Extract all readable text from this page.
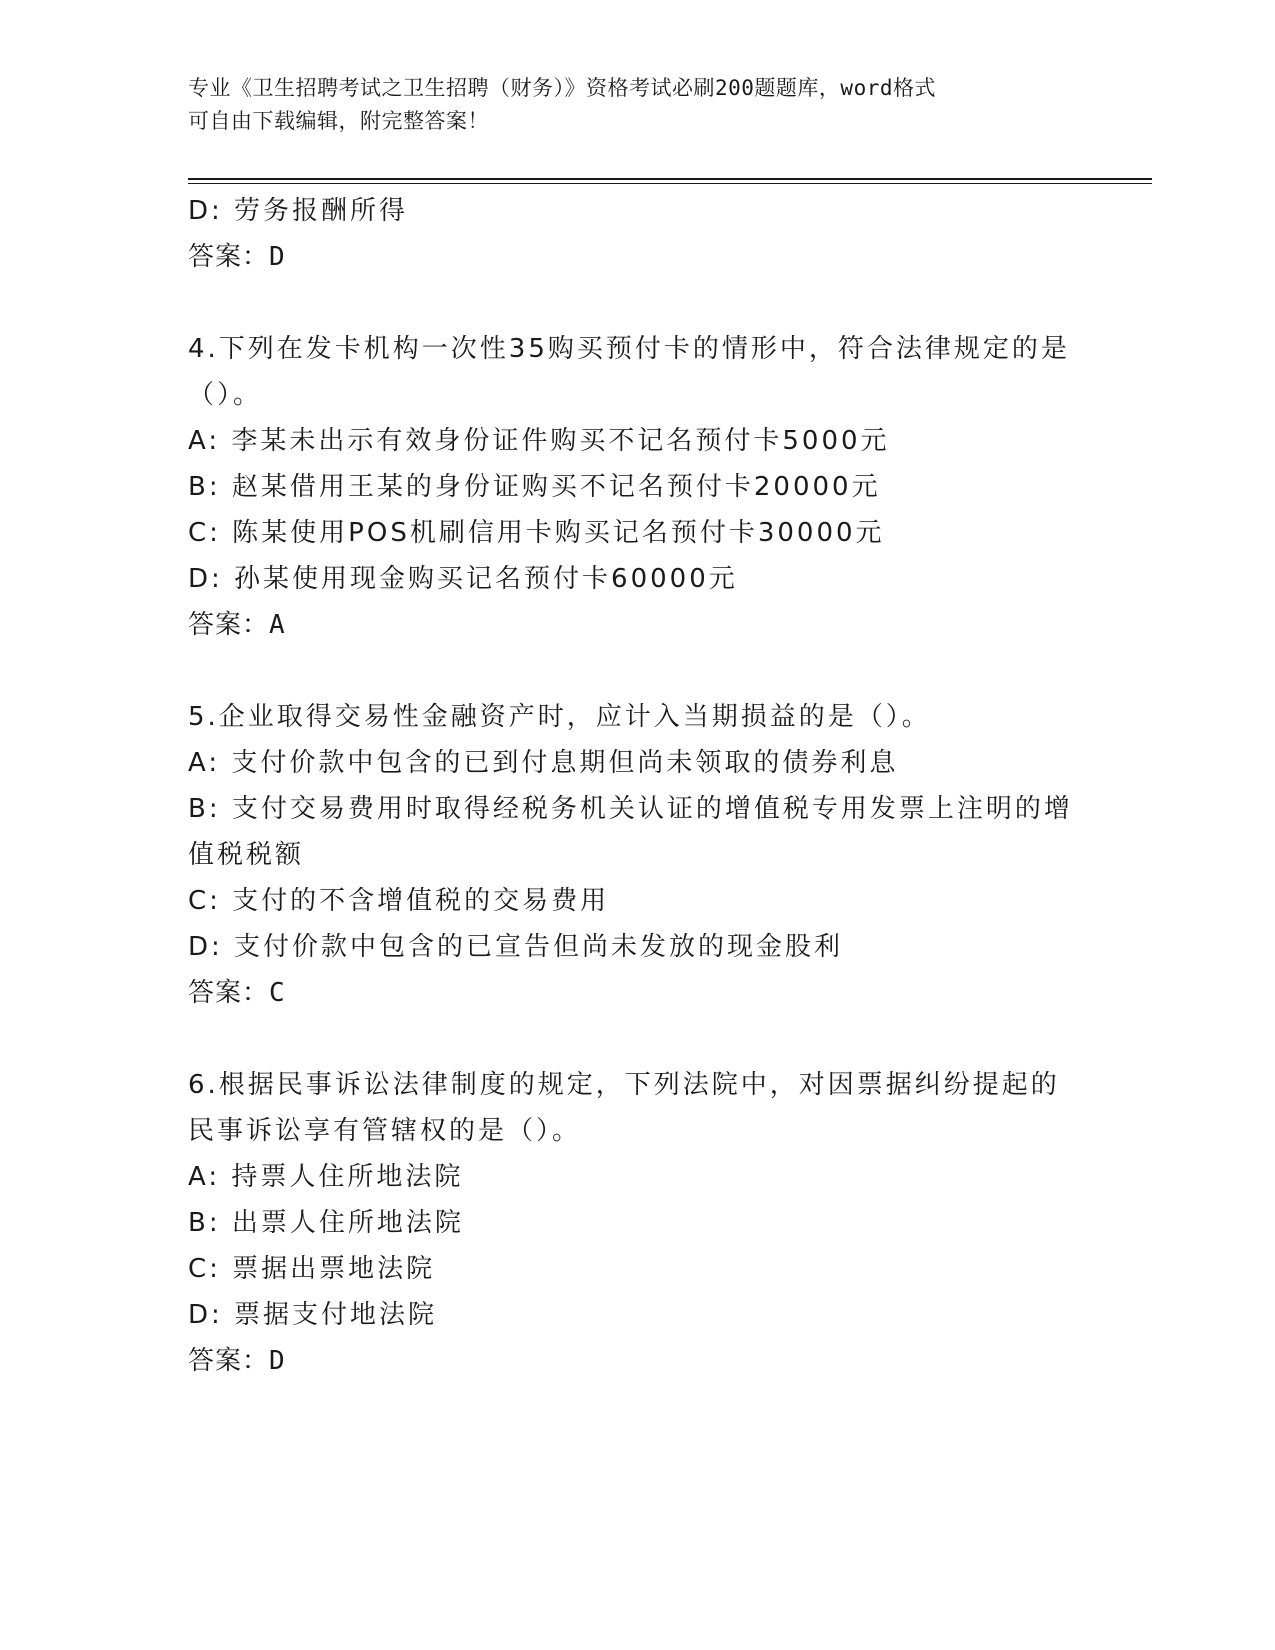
专业《卫生招聘考试之卫生招聘（财务）》资格考试必刷200题题库，word格式
可自由下载编辑，附完整答案！
D: 劳务报酬所得
答案：D
4.下列在发卡机构一次性35购买预付卡的情形中，符合法律规定的是
（）。
A: 李某未出示有效身份证件购买不记名预付卡5000元
B: 赵某借用王某的身份证购买不记名预付卡20000元
C: 陈某使用POS机刷信用卡购买记名预付卡30000元
D: 孙某使用现金购买记名预付卡60000元
答案：A
5.企业取得交易性金融资产时，应计入当期损益的是（）。
A: 支付价款中包含的已到付息期但尚未领取的债券利息
B: 支付交易费用时取得经税务机关认证的增值税专用发票上注明的增
值税税额
C: 支付的不含增值税的交易费用
D: 支付价款中包含的已宣告但尚未发放的现金股利
答案：C
6.根据民事诉讼法律制度的规定，下列法院中，对因票据纠纷提起的
民事诉讼享有管辖权的是（）。
A: 持票人住所地法院
B: 出票人住所地法院
C: 票据出票地法院
D: 票据支付地法院
答案：D
